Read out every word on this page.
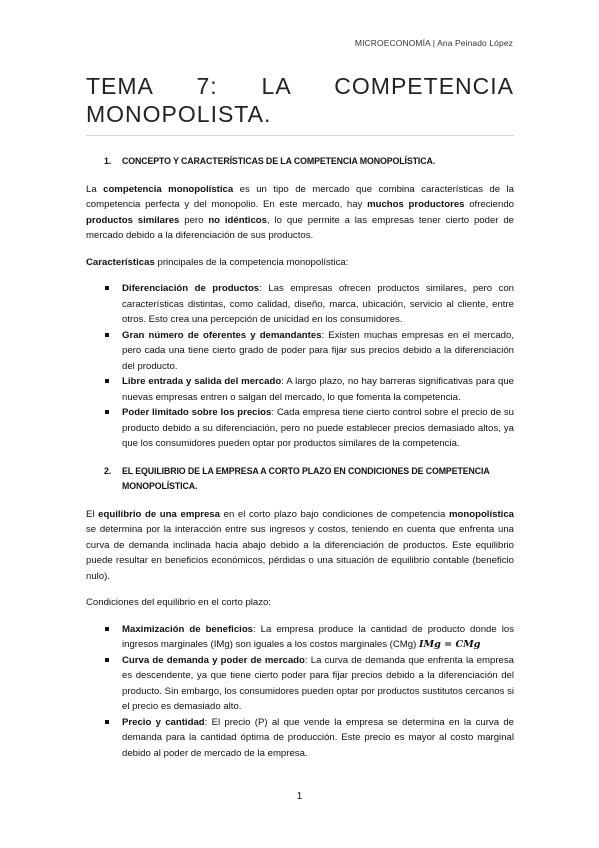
MICROECONOMÍA | Ana Peinado López
TEMA 7: LA COMPETENCIA MONOPOLISTA.
1.	CONCEPTO Y CARACTERÍSTICAS DE LA COMPETENCIA MONOPOLÍSTICA.

La competencia monopolística es un tipo de mercado que combina características de la competencia perfecta y del monopolio. En este mercado, hay muchos productores ofreciendo productos similares pero no idénticos, lo que permite a las empresas tener cierto poder de mercado debido a la diferenciación de sus productos.

Características principales de la competencia monopolística:

Diferenciación de productos: Las empresas ofrecen productos similares, pero con características distintas, como calidad, diseño, marca, ubicación, servicio al cliente, entre otros. Esto crea una percepción de unicidad en los consumidores.
Gran número de oferentes y demandantes: Existen muchas empresas en el mercado, pero cada una tiene cierto grado de poder para fijar sus precios debido a la diferenciación del producto.
Libre entrada y salida del mercado: A largo plazo, no hay barreras significativas para que nuevas empresas entren o salgan del mercado, lo que fomenta la competencia.
Poder limitado sobre los precios: Cada empresa tiene cierto control sobre el precio de su producto debido a su diferenciación, pero no puede establecer precios demasiado altos, ya que los consumidores pueden optar por productos similares de la competencia.
2.	EL EQUILIBRIO DE LA EMPRESA A CORTO PLAZO EN CONDICIONES DE COMPETENCIA MONOPOLÍSTICA.

El equilibrio de una empresa en el corto plazo bajo condiciones de competencia monopolística se determina por la interacción entre sus ingresos y costos, teniendo en cuenta que enfrenta una curva de demanda inclinada hacia abajo debido a la diferenciación de productos. Este equilibrio puede resultar en beneficios económicos, pérdidas o una situación de equilibrio contable (beneficio nulo).

Condiciones del equilibrio en el corto plazo:

Maximización de beneficios: La empresa produce la cantidad de producto donde los ingresos marginales (IMg) son iguales a los costos marginales (CMg) IMg = CMg
Curva de demanda y poder de mercado: La curva de demanda que enfrenta la empresa es descendente, ya que tiene cierto poder para fijar precios debido a la diferenciación del producto. Sin embargo, los consumidores pueden optar por productos sustitutos cercanos si el precio es demasiado alto.
Precio y cantidad: El precio (P) al que vende la empresa se determina en la curva de demanda para la cantidad óptima de producción. Este precio es mayor al costo marginal debido al poder de mercado de la empresa.
1
